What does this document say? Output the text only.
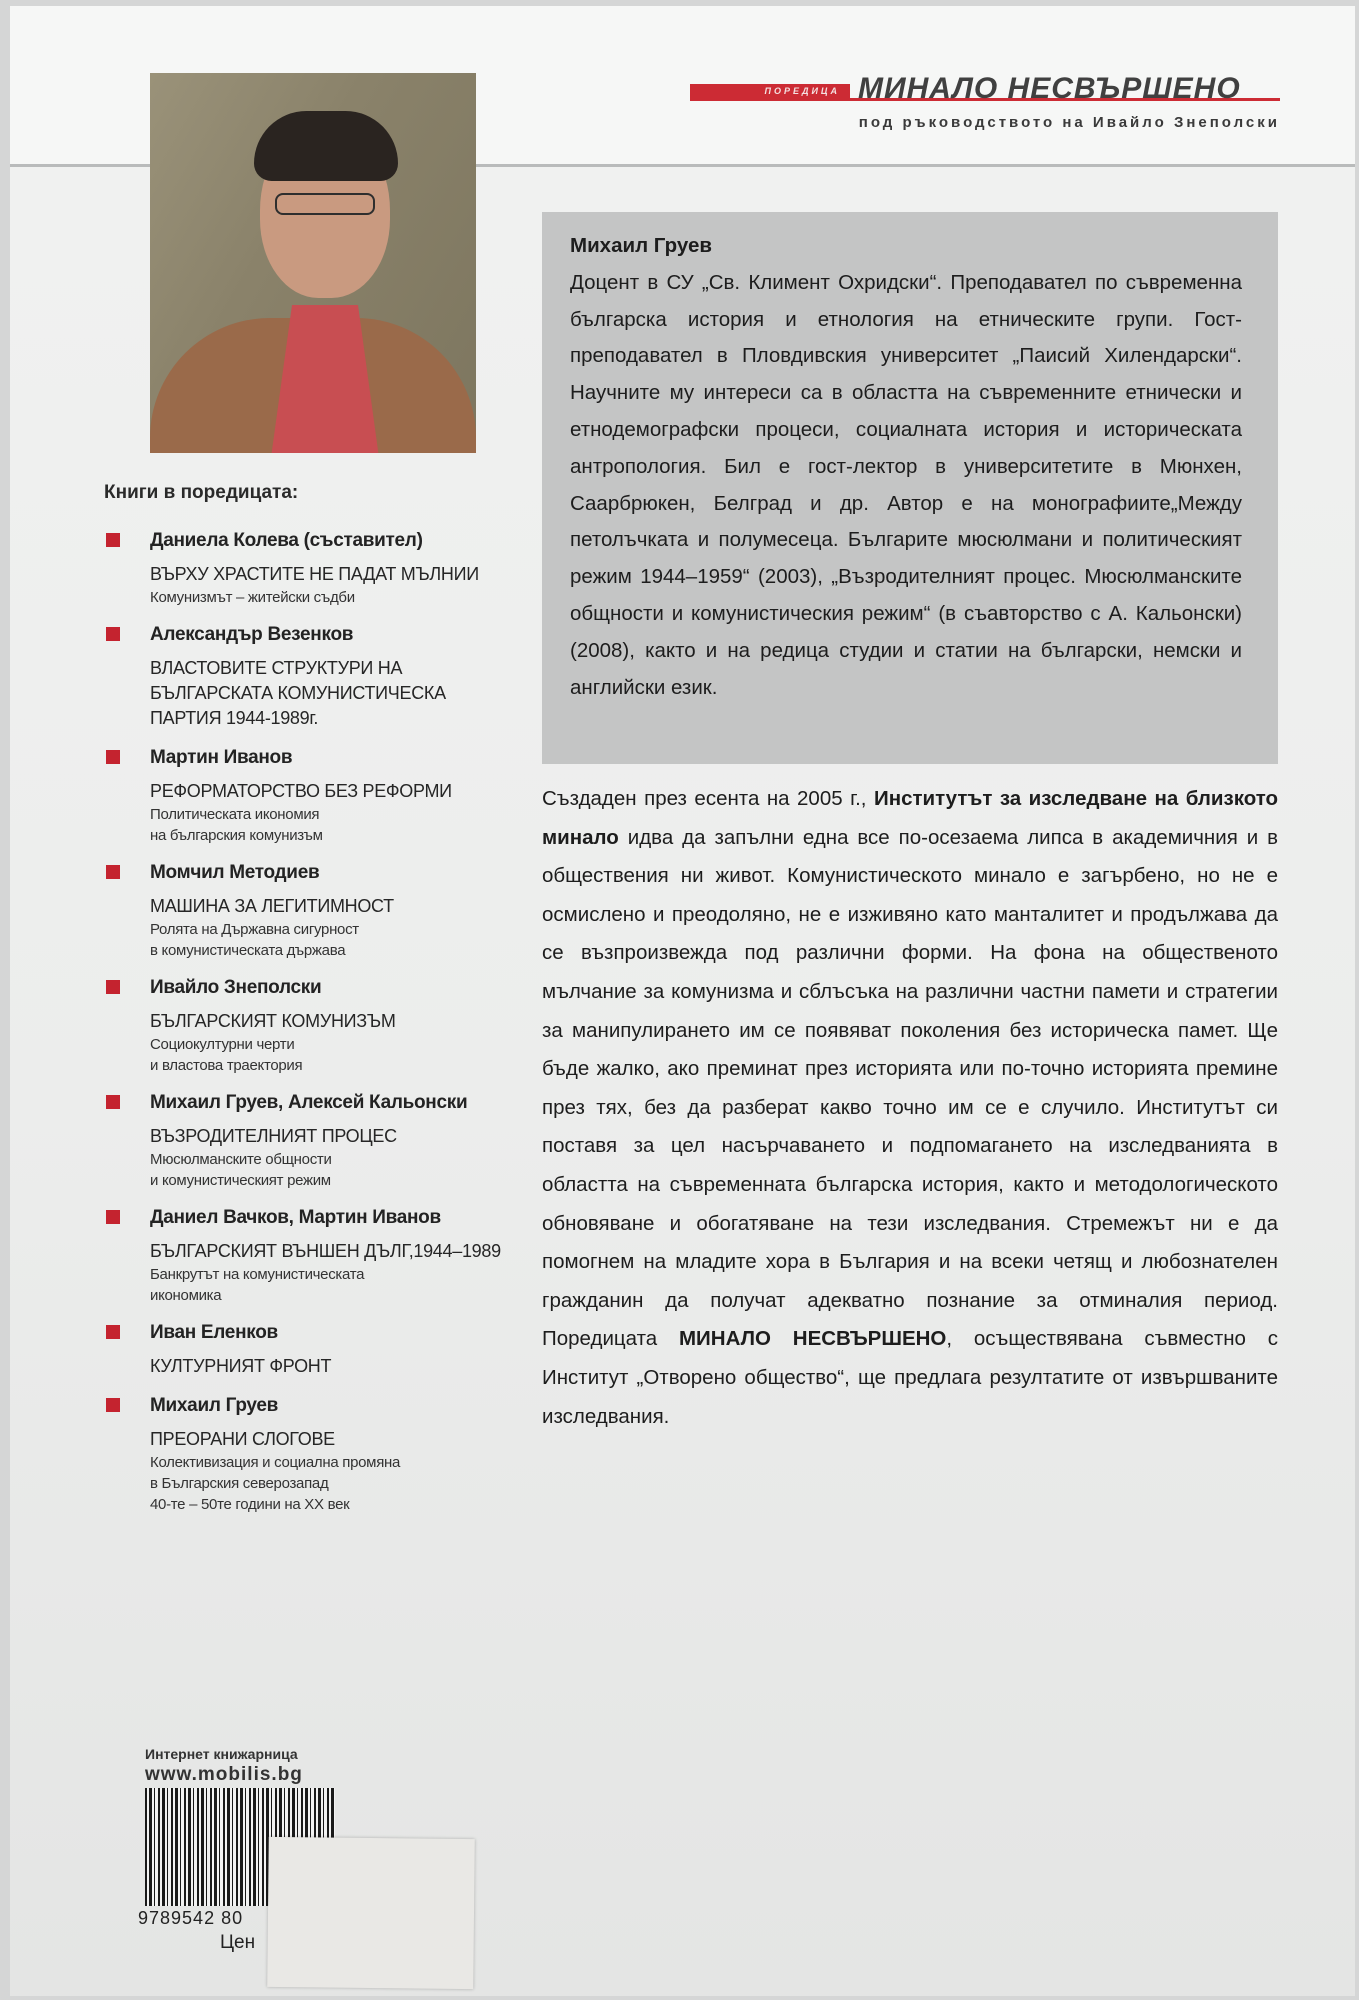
ПОРЕДИЦА МИНАЛО НЕСВЪРШЕНО
под ръководството на Ивайло Знеполски
Книги в поредицата:
Даниела Колева (съставител)
ВЪРХУ ХРАСТИТЕ НЕ ПАДАТ МЪЛНИИ
Комунизмът – житейски съдби
Александър Везенков
ВЛАСТОВИТЕ СТРУКТУРИ НА БЪЛГАРСКАТА КОМУНИСТИЧЕСКА ПАРТИЯ 1944-1989г.
Мартин Иванов
РЕФОРМАТОРСТВО БЕЗ РЕФОРМИ
Политическата икономия
на българския комунизъм
Момчил Методиев
МАШИНА ЗА ЛЕГИТИМНОСТ
Ролята на Държавна сигурност
в комунистическата държава
Ивайло Знеполски
БЪЛГАРСКИЯТ КОМУНИЗЪМ
Социокултурни черти
и властова траектория
Михаил Груев, Алексей Кальонски
ВЪЗРОДИТЕЛНИЯТ ПРОЦЕС
Мюсюлманските общности
и комунистическият режим
Даниел Вачков, Мартин Иванов
БЪЛГАРСКИЯТ ВЪНШЕН ДЪЛГ,1944–1989
Банкрутът на комунистическата
икономика
Иван Еленков
КУЛТУРНИЯТ ФРОНТ
Михаил Груев
ПРЕОРАНИ СЛОГОВЕ
Колективизация и социална промяна
в Българския северозапад
40-те – 50те години на XX век
Михаил Груев
Доцент в СУ „Св. Климент Охридски“. Преподавател по съвременна българска история и етнология на етническите групи. Гост-преподавател в Пловдивския университет „Паисий Хилендарски“. Научните му интереси са в областта на съвременните етнически и етнодемографски процеси, социалната история и историческата антропология. Бил е гост-лектор в университетите в Мюнхен, Саарбрюкен, Белград и др. Автор е на монографиите„Между петолъчката и полумесеца. Българите мюсюлмани и политическият режим 1944–1959“ (2003), „Възродителният процес. Мюсюлманските общности и комунистическия режим“ (в съавторство с А. Кальонски) (2008), както и на редица студии и статии на български, немски и английски език.
Създаден през есента на 2005 г., Институтът за изследване на близкото минало идва да запълни една все по-осезаема липса в академичния и в обществения ни живот. Комунистическото минало е загърбено, но не е осмислено и преодоляно, не е изживяно като манталитет и продължава да се възпроизвежда под различни форми. На фона на общественото мълчание за комунизма и сблъсъка на различни частни памети и стратегии за манипулирането им се появяват поколения без историческа памет. Ще бъде жалко, ако преминат през историята или по-точно историята премине през тях, без да разберат какво точно им се е случило. Институтът си поставя за цел насърчаването и подпомагането на изследванията в областта на съвременната българска история, както и методологическото обновяване и обогатяване на тези изследвания. Стремежът ни е да помогнем на младите хора в България и на всеки четящ и любознателен гражданин да получат адекватно познание за отминалия период. Поредицата МИНАЛО НЕСВЪРШЕНО, осъществявана съвместно с Институт „Отворено общество“, ще предлага резултатите от извършваните изследвания.
Интернет книжарница
www.mobilis.bg
9789542 80
Цен
